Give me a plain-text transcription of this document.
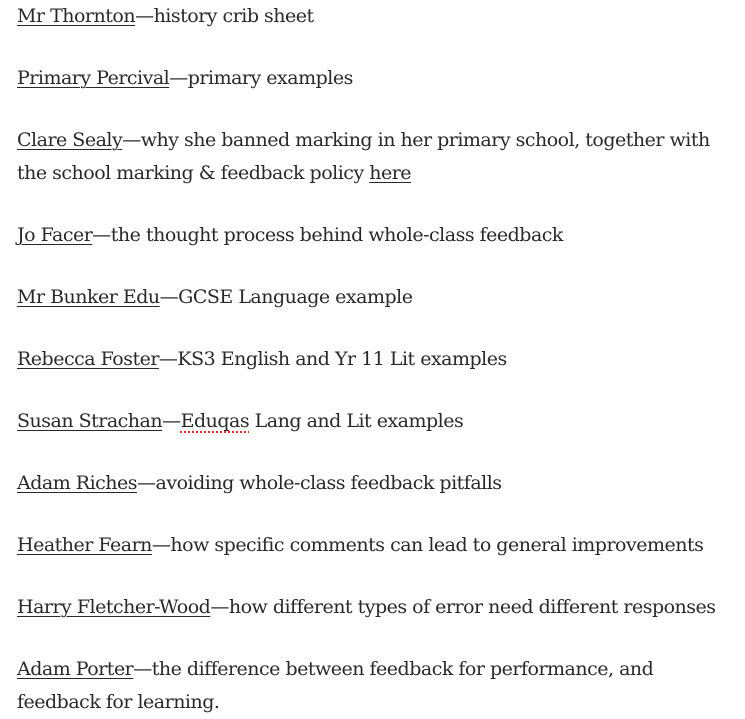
Mr Thornton—history crib sheet

Primary Percival—primary examples

Clare Sealy—why she banned marking in her primary school, together with the school marking & feedback policy here

Jo Facer—the thought process behind whole-class feedback

Mr Bunker Edu—GCSE Language example

Rebecca Foster—KS3 English and Yr 11 Lit examples

Susan Strachan—Eduqas Lang and Lit examples

Adam Riches—avoiding whole-class feedback pitfalls

Heather Fearn—how specific comments can lead to general improvements

Harry Fletcher-Wood—how different types of error need different responses

Adam Porter—the difference between feedback for performance, and feedback for learning.
